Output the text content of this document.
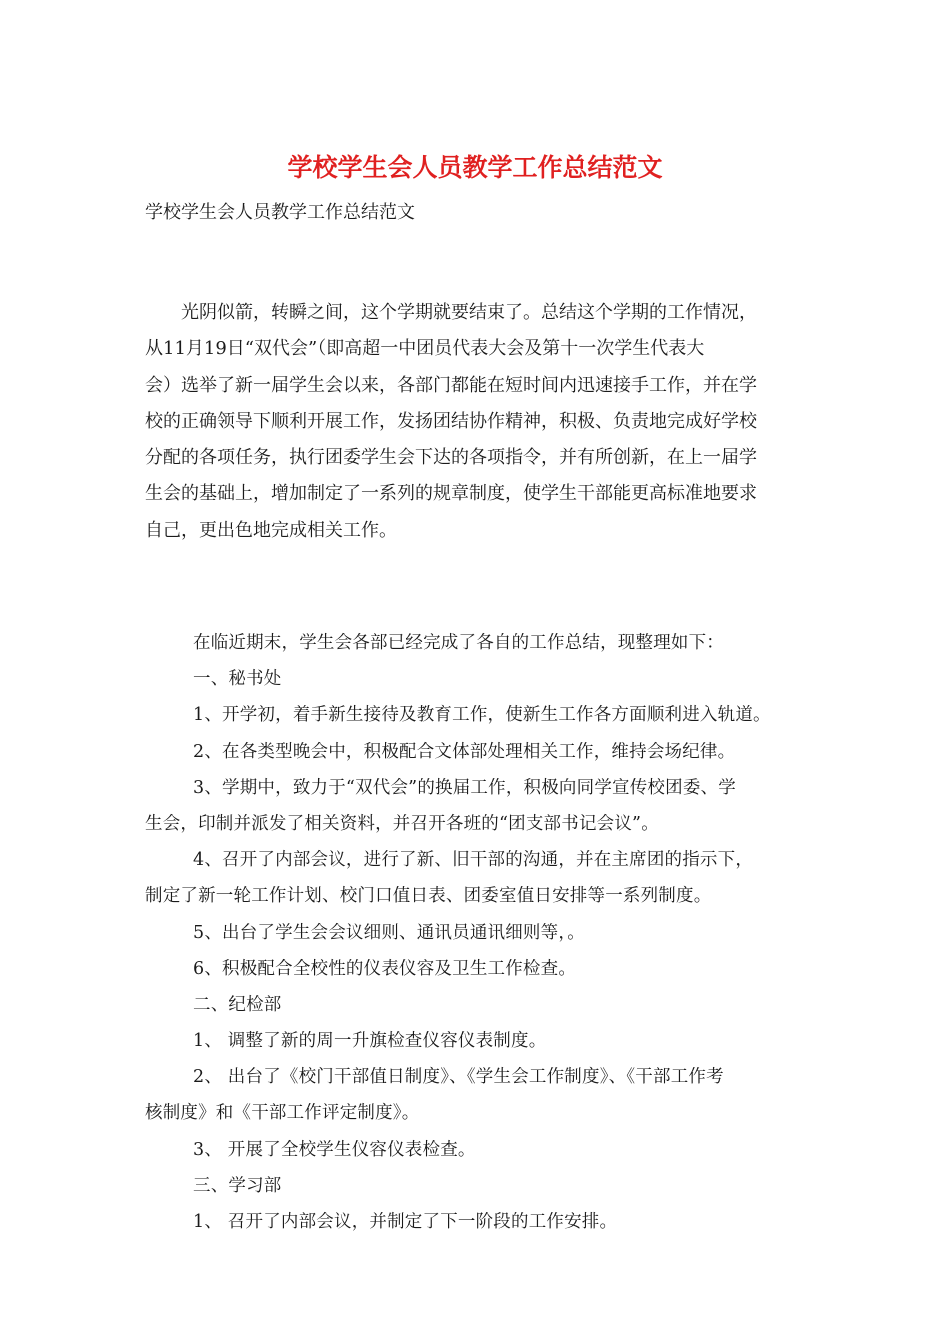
学校学生会人员教学工作总结范文
学校学生会人员教学工作总结范文
光阴似箭，转瞬之间，这个学期就要结束了。总结这个学期的工作情况，
从11月19日“双代会”（即高超一中团员代表大会及第十一次学生代表大
会）选举了新一届学生会以来，各部门都能在短时间内迅速接手工作，并在学
校的正确领导下顺利开展工作，发扬团结协作精神，积极、负责地完成好学校
分配的各项任务，执行团委学生会下达的各项指令，并有所创新，在上一届学
生会的基础上，增加制定了一系列的规章制度，使学生干部能更高标准地要求
自己，更出色地完成相关工作。
在临近期末，学生会各部已经完成了各自的工作总结，现整理如下：
一、秘书处
1、开学初，着手新生接待及教育工作，使新生工作各方面顺利进入轨道。
2、在各类型晚会中，积极配合文体部处理相关工作，维持会场纪律。
3、学期中，致力于“双代会”的换届工作，积极向同学宣传校团委、学
生会，印制并派发了相关资料，并召开各班的“团支部书记会议”。
4、召开了内部会议，进行了新、旧干部的沟通，并在主席团的指示下，
制定了新一轮工作计划、校门口值日表、团委室值日安排等一系列制度。
5、出台了学生会会议细则、通讯员通讯细则等，。
6、积极配合全校性的仪表仪容及卫生工作检查。
二、纪检部
1、 调整了新的周一升旗检查仪容仪表制度。
2、 出台了《校门干部值日制度》、《学生会工作制度》、《干部工作考
核制度》和《干部工作评定制度》。
3、 开展了全校学生仪容仪表检查。
三、学习部
1、 召开了内部会议，并制定了下一阶段的工作安排。
